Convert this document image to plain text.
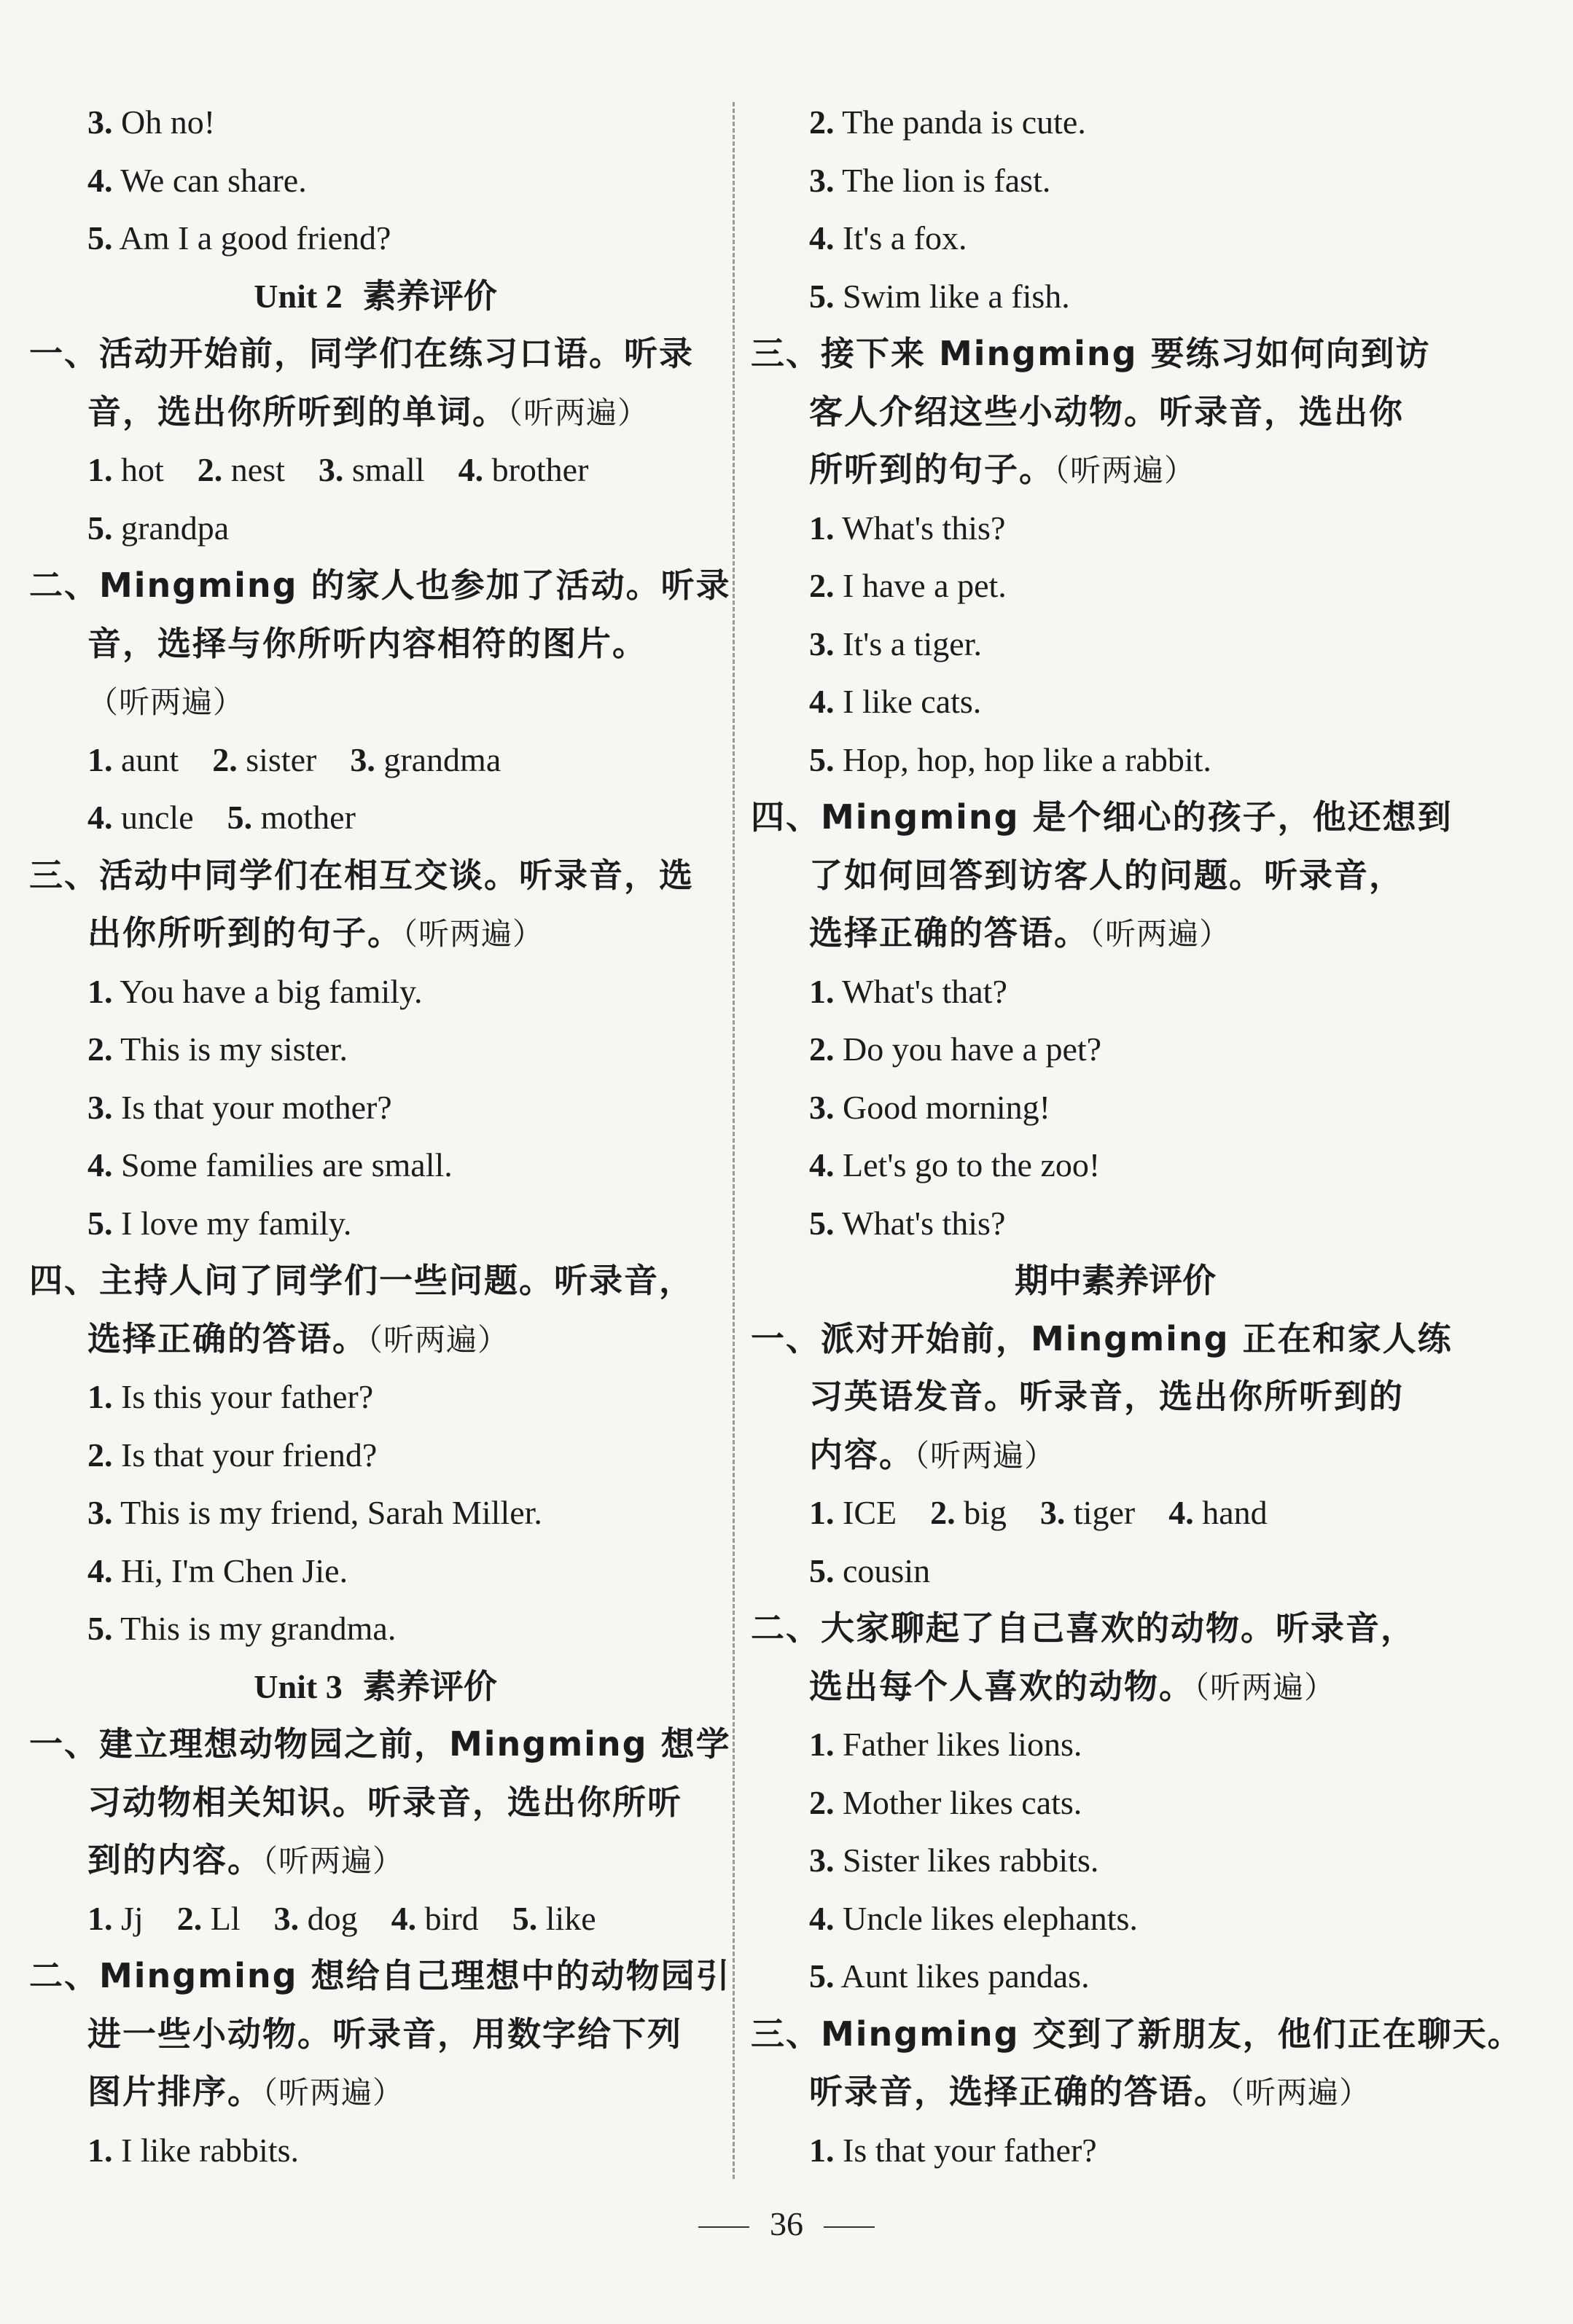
3. Oh no!
4. We can share.
5. Am I a good friend?
Unit 2 素养评价
一、活动开始前，同学们在练习口语。听录
音，选出你所听到的单词。（听两遍）
1. hot 2. nest 3. small 4. brother
5. grandpa
二、Mingming 的家人也参加了活动。听录
音，选择与你所听内容相符的图片。
（听两遍）
1. aunt 2. sister 3. grandma
4. uncle 5. mother
三、活动中同学们在相互交谈。听录音，选
出你所听到的句子。（听两遍）
1. You have a big family.
2. This is my sister.
3. Is that your mother?
4. Some families are small.
5. I love my family.
四、主持人问了同学们一些问题。听录音，
选择正确的答语。（听两遍）
1. Is this your father?
2. Is that your friend?
3. This is my friend, Sarah Miller.
4. Hi, I'm Chen Jie.
5. This is my grandma.
Unit 3 素养评价
一、建立理想动物园之前，Mingming 想学
习动物相关知识。听录音，选出你所听
到的内容。（听两遍）
1. Jj 2. Ll 3. dog 4. bird 5. like
二、Mingming 想给自己理想中的动物园引
进一些小动物。听录音，用数字给下列
图片排序。（听两遍）
1. I like rabbits.
2. The panda is cute.
3. The lion is fast.
4. It's a fox.
5. Swim like a fish.
三、接下来 Mingming 要练习如何向到访
客人介绍这些小动物。听录音，选出你
所听到的句子。（听两遍）
1. What's this?
2. I have a pet.
3. It's a tiger.
4. I like cats.
5. Hop, hop, hop like a rabbit.
四、Mingming 是个细心的孩子，他还想到
了如何回答到访客人的问题。听录音，
选择正确的答语。（听两遍）
1. What's that?
2. Do you have a pet?
3. Good morning!
4. Let's go to the zoo!
5. What's this?
期中素养评价
一、派对开始前，Mingming 正在和家人练
习英语发音。听录音，选出你所听到的
内容。（听两遍）
1. ICE 2. big 3. tiger 4. hand
5. cousin
二、大家聊起了自己喜欢的动物。听录音，
选出每个人喜欢的动物。（听两遍）
1. Father likes lions.
2. Mother likes cats.
3. Sister likes rabbits.
4. Uncle likes elephants.
5. Aunt likes pandas.
三、Mingming 交到了新朋友，他们正在聊天。
听录音，选择正确的答语。（听两遍）
1. Is that your father?
36
